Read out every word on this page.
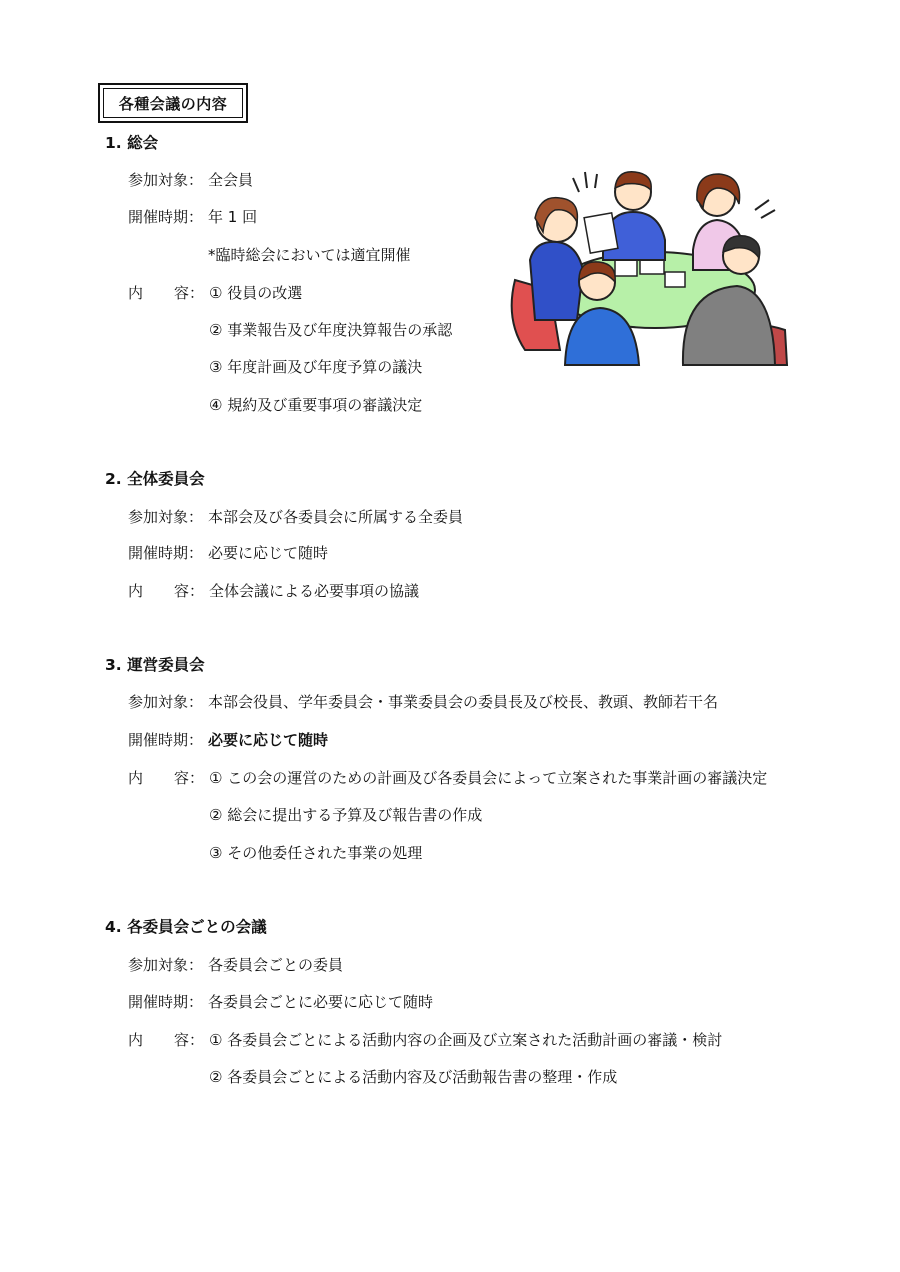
各種会議の内容
1. 総会
参加対象： 全会員
開催時期： 年 1 回
*臨時総会においては適宜開催
内 容： ① 役員の改選
② 事業報告及び年度決算報告の承認
③ 年度計画及び年度予算の議決
④ 規約及び重要事項の審議決定
2. 全体委員会
参加対象： 本部会及び各委員会に所属する全委員
開催時期： 必要に応じて随時
内 容： 全体会議による必要事項の協議
3. 運営委員会
参加対象： 本部会役員、学年委員会・事業委員会の委員長及び校長、教頭、教師若干名
開催時期： 必要に応じて随時
内 容： ① この会の運営のための計画及び各委員会によって立案された事業計画の審議決定
② 総会に提出する予算及び報告書の作成
③ その他委任された事業の処理
4. 各委員会ごとの会議
参加対象： 各委員会ごとの委員
開催時期： 各委員会ごとに必要に応じて随時
内 容： ① 各委員会ごとによる活動内容の企画及び立案された活動計画の審議・検討
② 各委員会ごとによる活動内容及び活動報告書の整理・作成
